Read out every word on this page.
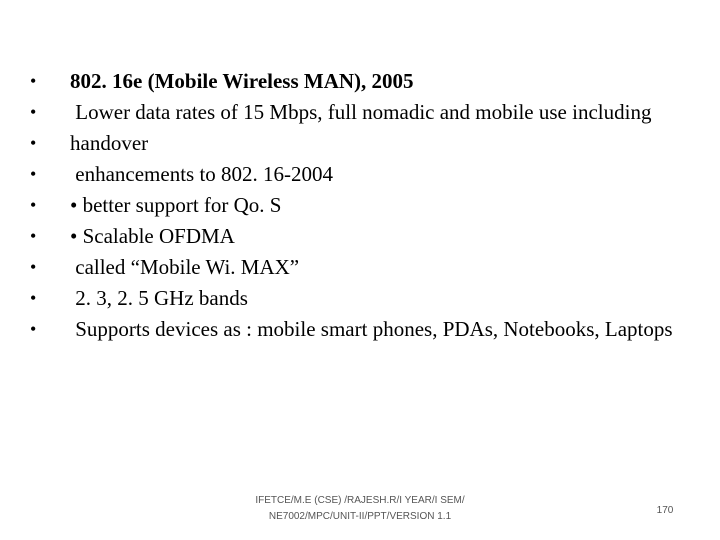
•	802. 16e (Mobile Wireless MAN), 2005
•	Lower data rates of 15 Mbps, full nomadic and mobile use including
•	handover
•	enhancements to 802. 16-2004
•	• better support for Qo. S
•	• Scalable OFDMA
•	called “Mobile Wi. MAX”
•	2. 3, 2. 5 GHz bands
•	Supports devices as : mobile smart phones, PDAs, Notebooks, Laptops
IFETCE/M.E (CSE) /RAJESH.R/I YEAR/I SEM/
NE7002/MPC/UNIT-II/PPT/VERSION 1.1
170
